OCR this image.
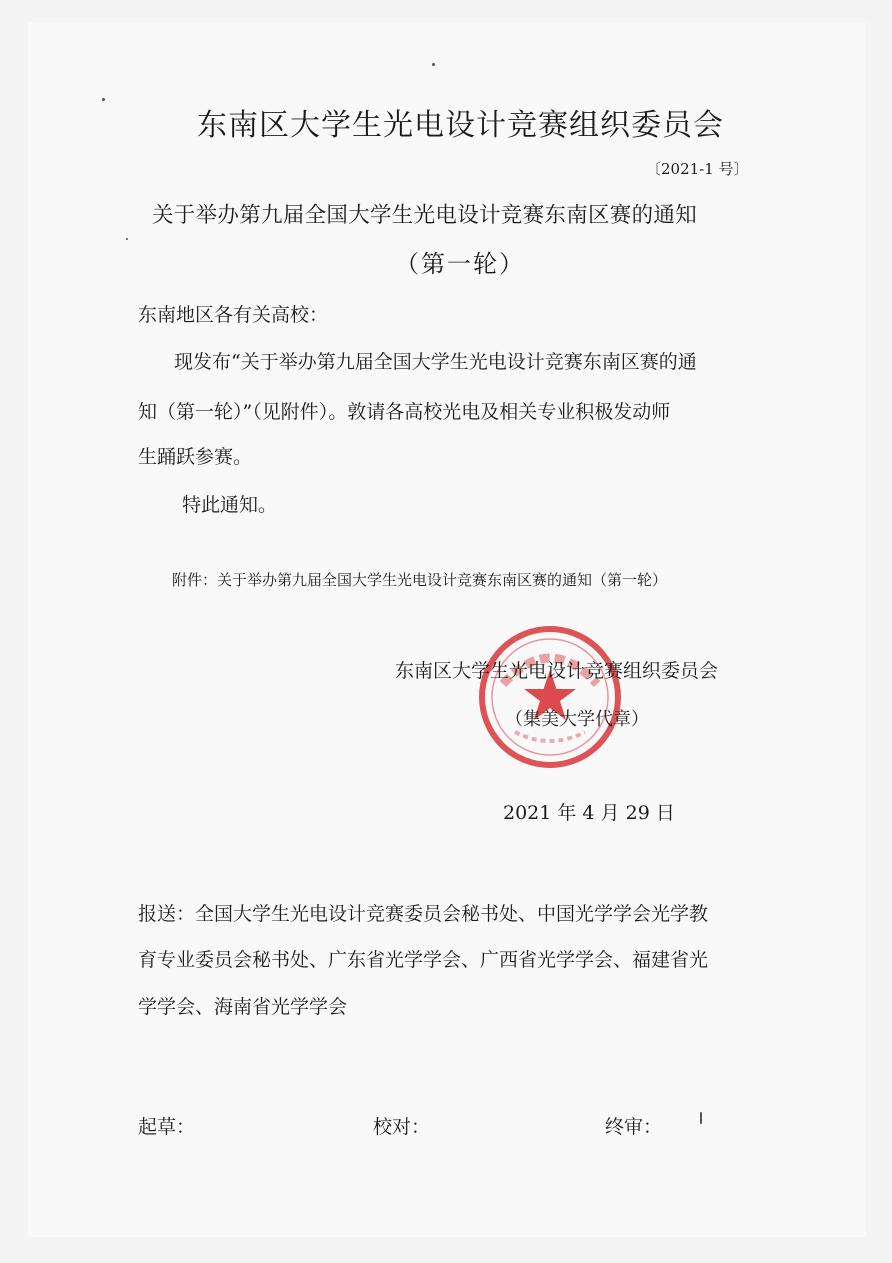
东南区大学生光电设计竞赛组织委员会
〔2021-1 号〕
关于举办第九届全国大学生光电设计竞赛东南区赛的通知
（第一轮）
东南地区各有关高校：
现发布“关于举办第九届全国大学生光电设计竞赛东南区赛的通
知（第一轮）”（见附件）。敦请各高校光电及相关专业积极发动师
生踊跃参赛。
特此通知。
附件：关于举办第九届全国大学生光电设计竞赛东南区赛的通知（第一轮）
东南区大学生光电设计竞赛组织委员会
（集美大学代章）
2021 年 4 月 29 日
报送：全国大学生光电设计竞赛委员会秘书处、中国光学学会光学教
育专业委员会秘书处、广东省光学学会、广西省光学学会、福建省光
学学会、海南省光学学会
起草：	校对：	终审：
